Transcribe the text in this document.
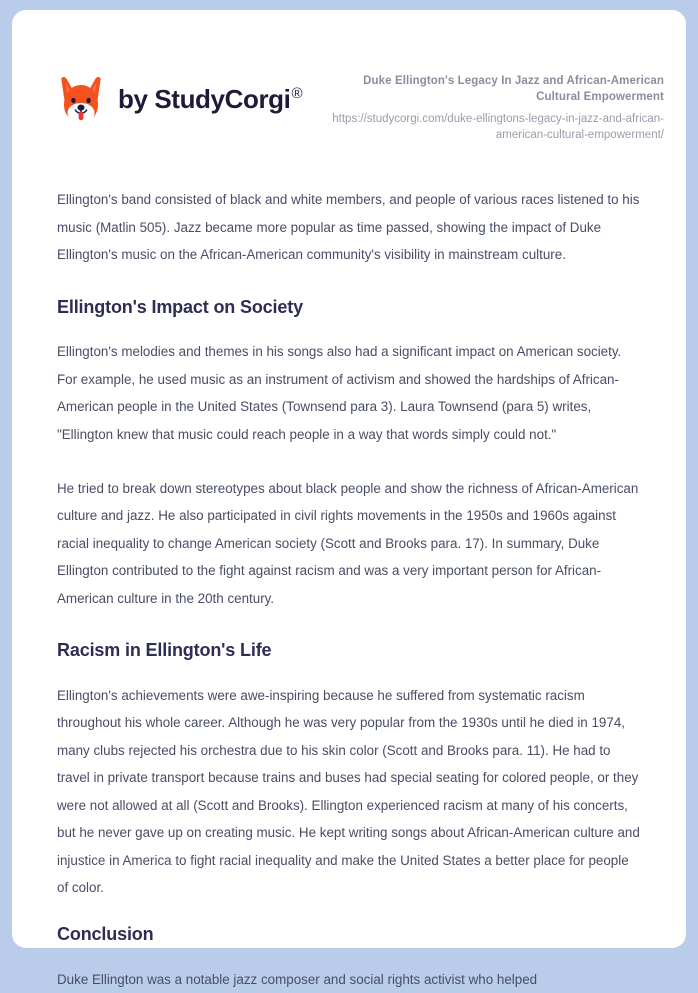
by StudyCorgi®

Duke Ellington's Legacy In Jazz and African-American Cultural Empowerment

https://studycorgi.com/duke-ellingtons-legacy-in-jazz-and-african-american-cultural-empowerment/

Ellington's band consisted of black and white members, and people of various races listened to his music (Matlin 505). Jazz became more popular as time passed, showing the impact of Duke Ellington's music on the African-American community's visibility in mainstream culture.

Ellington's Impact on Society

Ellington's melodies and themes in his songs also had a significant impact on American society. For example, he used music as an instrument of activism and showed the hardships of African-American people in the United States (Townsend para 3). Laura Townsend (para 5) writes, "Ellington knew that music could reach people in a way that words simply could not."

He tried to break down stereotypes about black people and show the richness of African-American culture and jazz. He also participated in civil rights movements in the 1950s and 1960s against racial inequality to change American society (Scott and Brooks para. 17). In summary, Duke Ellington contributed to the fight against racism and was a very important person for African-American culture in the 20th century.

Racism in Ellington's Life

Ellington's achievements were awe-inspiring because he suffered from systematic racism throughout his whole career. Although he was very popular from the 1930s until he died in 1974, many clubs rejected his orchestra due to his skin color (Scott and Brooks para. 11). He had to travel in private transport because trains and buses had special seating for colored people, or they were not allowed at all (Scott and Brooks). Ellington experienced racism at many of his concerts, but he never gave up on creating music. He kept writing songs about African-American culture and injustice in America to fight racial inequality and make the United States a better place for people of color.

Conclusion

Duke Ellington was a notable jazz composer and social rights activist who helped
